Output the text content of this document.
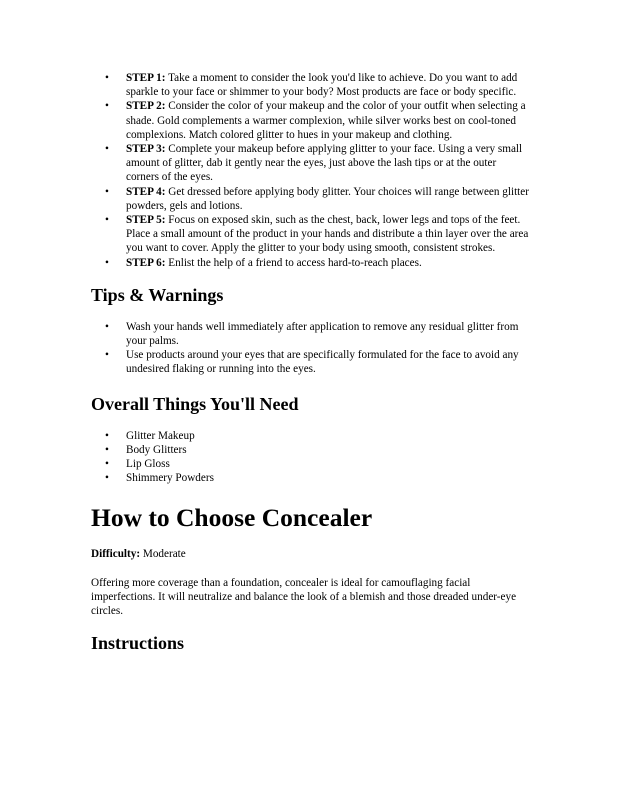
• STEP 1: Take a moment to consider the look you'd like to achieve. Do you want to add sparkle to your face or shimmer to your body? Most products are face or body specific.
• STEP 2: Consider the color of your makeup and the color of your outfit when selecting a shade. Gold complements a warmer complexion, while silver works best on cool-toned complexions. Match colored glitter to hues in your makeup and clothing.
• STEP 3: Complete your makeup before applying glitter to your face. Using a very small amount of glitter, dab it gently near the eyes, just above the lash tips or at the outer corners of the eyes.
• STEP 4: Get dressed before applying body glitter. Your choices will range between glitter powders, gels and lotions.
• STEP 5: Focus on exposed skin, such as the chest, back, lower legs and tops of the feet. Place a small amount of the product in your hands and distribute a thin layer over the area you want to cover. Apply the glitter to your body using smooth, consistent strokes.
• STEP 6: Enlist the help of a friend to access hard-to-reach places.
Tips & Warnings
• Wash your hands well immediately after application to remove any residual glitter from your palms.
• Use products around your eyes that are specifically formulated for the face to avoid any undesired flaking or running into the eyes.
Overall Things You'll Need
• Glitter Makeup
• Body Glitters
• Lip Gloss
• Shimmery Powders
How to Choose Concealer

Difficulty: Moderate

Offering more coverage than a foundation, concealer is ideal for camouflaging facial imperfections. It will neutralize and balance the look of a blemish and those dreaded under-eye circles.

Instructions
